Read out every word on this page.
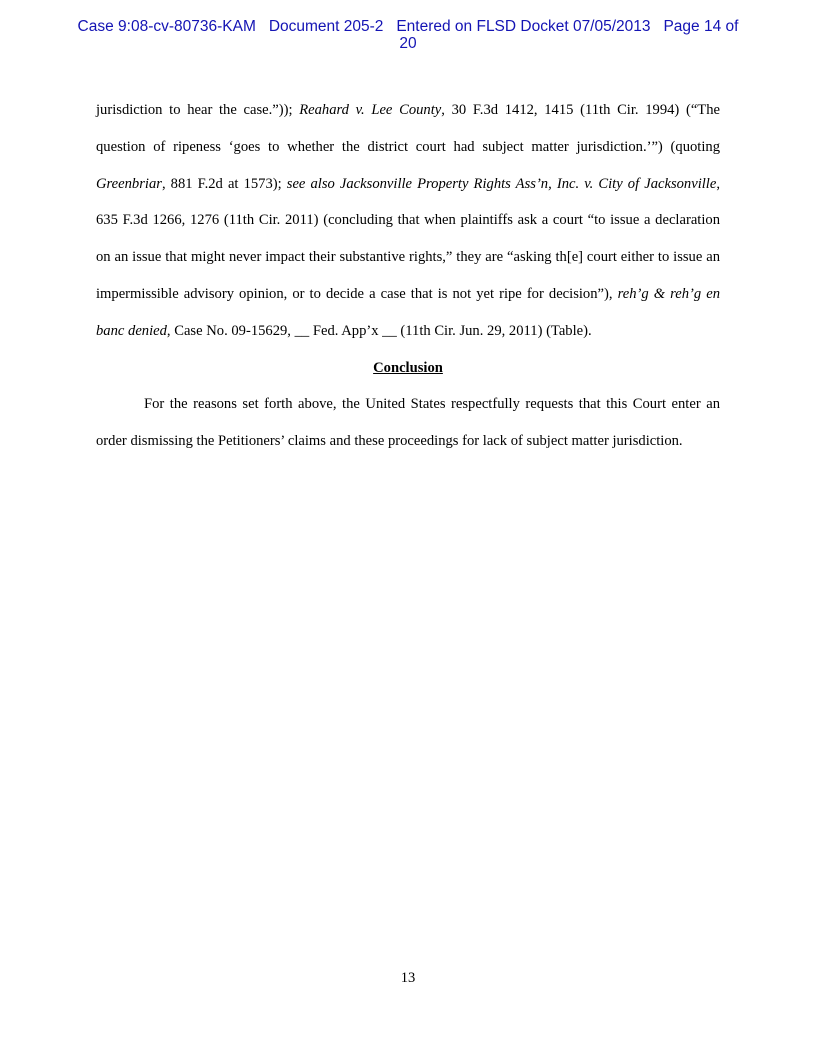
Case 9:08-cv-80736-KAM Document 205-2 Entered on FLSD Docket 07/05/2013 Page 14 of
20

jurisdiction to hear the case.”)); Reahard v. Lee County, 30 F.3d 1412, 1415 (11th Cir. 1994) (“The question of ripeness ‘goes to whether the district court had subject matter jurisdiction.’”) (quoting Greenbriar, 881 F.2d at 1573); see also Jacksonville Property Rights Ass’n, Inc. v. City of Jacksonville, 635 F.3d 1266, 1276 (11th Cir. 2011) (concluding that when plaintiffs ask a court “to issue a declaration on an issue that might never impact their substantive rights,” they are “asking th[e] court either to issue an impermissible advisory opinion, or to decide a case that is not yet ripe for decision”), reh’g & reh’g en banc denied, Case No. 09-15629, __ Fed. App’x __ (11th Cir. Jun. 29, 2011) (Table).

Conclusion

For the reasons set forth above, the United States respectfully requests that this Court enter an order dismissing the Petitioners’ claims and these proceedings for lack of subject matter jurisdiction.

13
